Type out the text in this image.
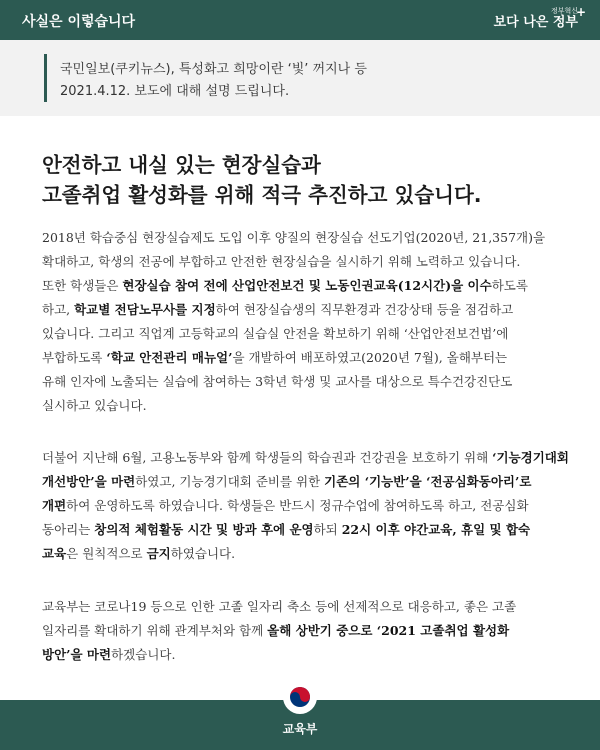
사실은 이렇습니다
정부혁신
보다 나은 정부
+
국민일보(쿠키뉴스), 특성화고 희망이란 ‘빛’ 꺼지나 등
2021.4.12. 보도에 대해 설명 드립니다.
안전하고 내실 있는 현장실습과
고졸취업 활성화를 위해 적극 추진하고 있습니다.
2018년 학습중심 현장실습제도 도입 이후 양질의 현장실습 선도기업(2020년, 21,357개)을
확대하고, 학생의 전공에 부합하고 안전한 현장실습을 실시하기 위해 노력하고 있습니다.
또한 학생들은 현장실습 참여 전에 산업안전보건 및 노동인권교육(12시간)을 이수하도록
하고, 학교별 전담노무사를 지정하여 현장실습생의 직무환경과 건강상태 등을 점검하고
있습니다. 그리고 직업계 고등학교의 실습실 안전을 확보하기 위해 ‘산업안전보건법’에
부합하도록 ‘학교 안전관리 매뉴얼’을 개발하여 배포하였고(2020년 7월), 올해부터는
유해 인자에 노출되는 실습에 참여하는 3학년 학생 및 교사를 대상으로 특수건강진단도
실시하고 있습니다.
더불어 지난해 6월, 고용노동부와 함께 학생들의 학습권과 건강권을 보호하기 위해 ‘기능경기대회
개선방안’을 마련하였고, 기능경기대회 준비를 위한 기존의 ‘기능반’을 ‘전공심화동아리’로
개편하여 운영하도록 하였습니다. 학생들은 반드시 정규수업에 참여하도록 하고, 전공심화
동아리는 창의적 체험활동 시간 및 방과 후에 운영하되 22시 이후 야간교육, 휴일 및 합숙
교육은 원칙적으로 금지하였습니다.
교육부는 코로나19 등으로 인한 고졸 일자리 축소 등에 선제적으로 대응하고, 좋은 고졸
일자리를 확대하기 위해 관계부처와 함께 올해 상반기 중으로 ‘2021 고졸취업 활성화
방안’을 마련하겠습니다.
교육부
